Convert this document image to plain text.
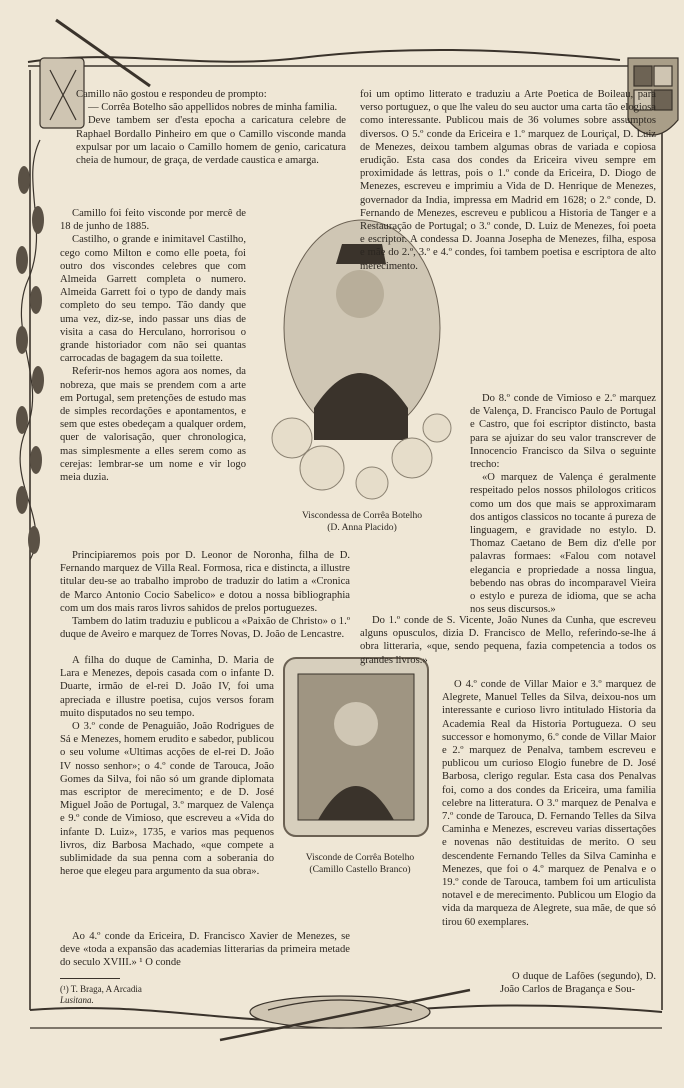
Camillo não gostou e respondeu de prompto:

— Corrêa Botelho são appellidos nobres de minha familia.

Deve tambem ser d'esta epocha a caricatura celebre de Raphael Bordallo Pinheiro em que o Camillo visconde manda expulsar por um lacaio o Camillo homem de genio, caricatura cheia de humour, de graça, de verdade caustica e amarga.

Camillo foi feito visconde por mercê de 18 de junho de 1885.

Castilho, o grande e inimitavel Castilho, cego como Milton e como elle poeta, foi outro dos viscondes celebres que com Almeida Garrett completa o numero. Almeida Garrett foi o typo de dandy mais completo do seu tempo. Tão dandy que uma vez, diz-se, indo passar uns dias de visita a casa do Herculano, horrorisou o grande historiador com não sei quantas carrocadas de bagagem da sua toilette.

Referir-nos hemos agora aos nomes, da nobreza, que mais se prendem com a arte em Portugal, sem pretenções de estudo mas de simples recordações e apontamentos, e sem que estes obedeçam a qualquer ordem, quer de valorisação, quer chronologica, mas simplesmente a elles serem como as cerejas: lembrar-se um nome e vir logo meia duzia.

Principiaremos pois por D. Leonor de Noronha, filha de D. Fernando marquez de Villa Real. Formosa, rica e distincta, a illustre titular deu-se ao trabalho improbo de traduzir do latim a «Cronica de Marco Antonio Cocio Sabelico» e dotou a nossa bibliographia com um dos mais raros livros sahidos de prelos portuguezes.

Tambem do latim traduziu e publicou a «Paixão de Christo» o 1.º duque de Aveiro e marquez de Torres Novas, D. João de Lencastre.

A filha do duque de Caminha, D. Maria de Lara e Menezes, depois casada com o infante D. Duarte, irmão de el-rei D. João IV, foi uma apreciada e illustre poetisa, cujos versos foram muito disputados no seu tempo.

O 3.º conde de Penaguião, João Rodrigues de Sá e Menezes, homem erudito e sabedor, publicou o seu volume «Ultimas acções de el-rei D. João IV nosso senhor»; o 4.º conde de Tarouca, João Gomes da Silva, foi não só um grande diplomata mas escriptor de merecimento; e de D. José Miguel João de Portugal, 3.º marquez de Valença e 9.º conde de Vimioso, que escreveu a «Vida do infante D. Luiz», 1735, e varios mas pequenos livros, diz Barbosa Machado, «que compete a sublimidade da sua penna com a soberania do heroe que elegeu para argumento da sua obra».

Ao 4.º conde da Ericeira, D. Francisco Xavier de Menezes, se deve «toda a expansão das academias litterarias da primeira metade do seculo XVIII.» ¹ O conde

Viscondessa de Corrêa Botelho
(D. Anna Placido)
Visconde de Corrêa Botelho
(Camillo Castello Branco)

foi um optimo litterato e traduziu a Arte Poetica de Boileau, para verso portuguez, o que lhe valeu do seu auctor uma carta tão elogiosa como interessante. Publicou mais de 36 volumes sobre assumptos diversos. O 5.º conde da Ericeira e 1.º marquez de Louriçal, D. Luiz de Menezes, deixou tambem algumas obras de variada e copiosa erudição. Esta casa dos condes da Ericeira viveu sempre em proximidade ás lettras, pois o 1.º conde da Ericeira, D. Diogo de Menezes, escreveu e imprimiu a Vida de D. Henrique de Menezes, governador da India, impressa em Madrid em 1628; o 2.º conde, D. Fernando de Menezes, escreveu e publicou a Historia de Tanger e a Restauração de Portugal; o 3.º conde, D. Luiz de Menezes, foi poeta e escriptor. A condessa D. Joanna Josepha de Menezes, filha, esposa e mãe do 2.º, 3.º e 4.º condes, foi tambem poetisa e escriptora de alto merecimento.

Do 8.º conde de Vimioso e 2.º marquez de Valença, D. Francisco Paulo de Portugal e Castro, que foi escriptor distincto, basta para se ajuizar do seu valor transcrever de Innocencio Francisco da Silva o seguinte trecho:

«O marquez de Valença é geralmente respeitado pelos nossos philologos criticos como um dos que mais se approximaram dos antigos classicos no tocante á pureza de linguagem, e gravidade no estylo. D. Thomaz Caetano de Bem diz d'elle por palavras formaes: «Falou com notavel elegancia e propriedade a nossa lingua, bebendo nas obras do incomparavel Vieira o estylo e pureza de idioma, que se acha nos seus discursos.»

Do 1.º conde de S. Vicente, João Nunes da Cunha, que escreveu alguns opusculos, dizia D. Francisco de Mello, referindo-se-lhe á obra litteraria, «que, sendo pequena, fazia competencia a todos os grandes livros.»

O 4.º conde de Villar Maior e 3.º marquez de Alegrete, Manuel Telles da Silva, deixou-nos um interessante e curioso livro intitulado Historia da Academia Real da Historia Portugueza. O seu successor e homonymo, 6.º conde de Villar Maior e 2.º marquez de Penalva, tambem escreveu e publicou um curioso Elogio funebre de D. José Barbosa, clerigo regular. Esta casa dos Penalvas foi, como a dos condes da Ericeira, uma familia celebre na litteratura. O 3.º marquez de Penalva e 7.º conde de Tarouca, D. Fernando Telles da Silva Caminha e Menezes, escreveu varias dissertações e novenas não destituidas de merito. O seu descendente Fernando Telles da Silva Caminha e Menezes, que foi o 4.º marquez de Penalva e o 19.º conde de Tarouca, tambem foi um articulista notavel e de merecimento. Publicou um Elogio da vida da marqueza de Alegrete, sua mãe, de que só tirou 60 exemplares.

O duque de Lafões (segundo), D. João Carlos de Bragança e Sou-

(¹) T. Braga, A Arcadia
Lusitana.
